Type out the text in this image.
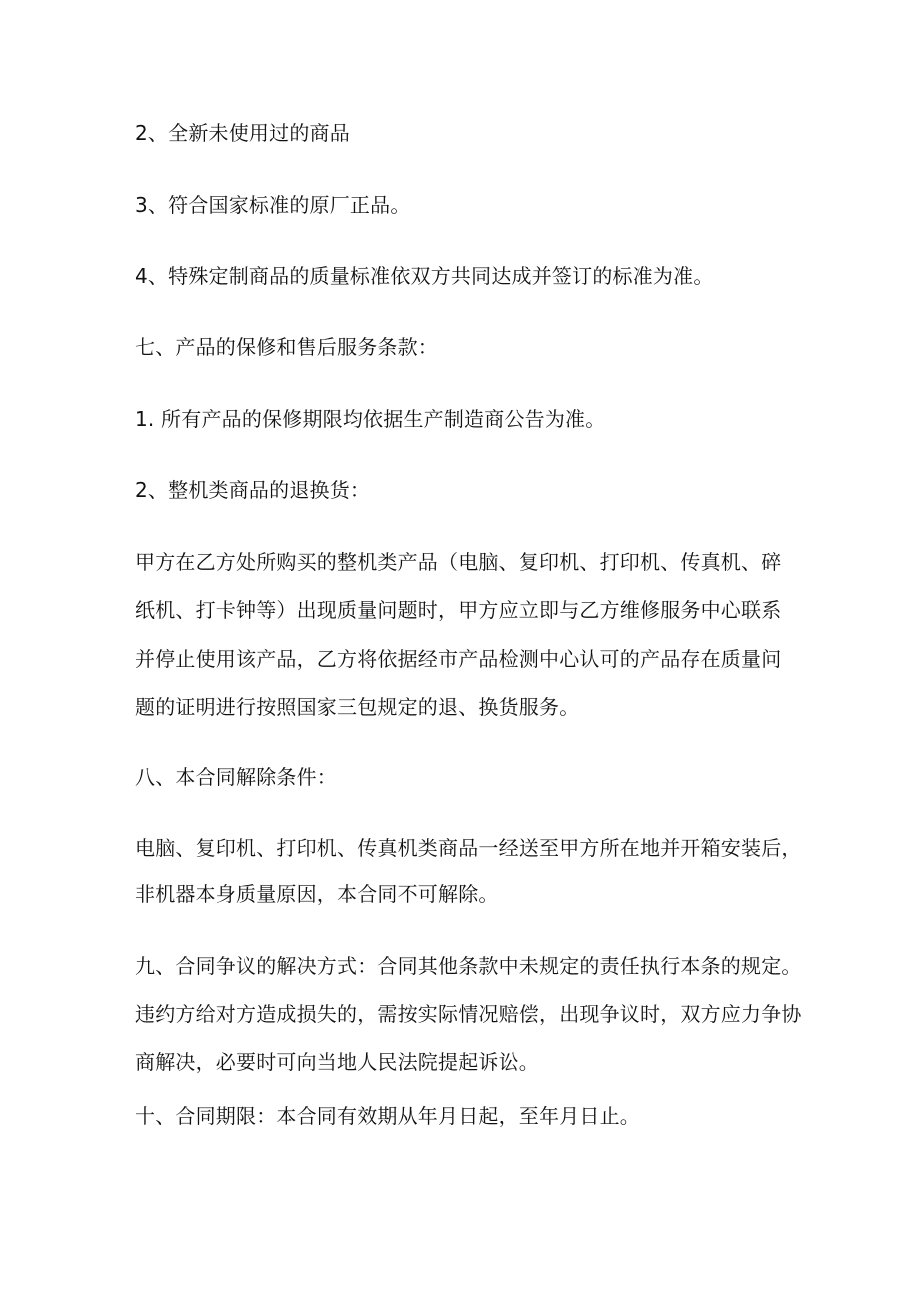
2、全新未使用过的商品
3、符合国家标准的原厂正品。
4、特殊定制商品的质量标准依双方共同达成并签订的标准为准。
七、产品的保修和售后服务条款：
1. 所有产品的保修期限均依据生产制造商公告为准。
2、整机类商品的退换货：
甲方在乙方处所购买的整机类产品（电脑、复印机、打印机、传真机、碎
纸机、打卡钟等）出现质量问题时，甲方应立即与乙方维修服务中心联系
并停止使用该产品，乙方将依据经市产品检测中心认可的产品存在质量问
题的证明进行按照国家三包规定的退、换货服务。
八、本合同解除条件：
电脑、复印机、打印机、传真机类商品一经送至甲方所在地并开箱安装后，
非机器本身质量原因，本合同不可解除。
九、合同争议的解决方式：合同其他条款中未规定的责任执行本条的规定。
违约方给对方造成损失的，需按实际情况赔偿，出现争议时，双方应力争协
商解决，必要时可向当地人民法院提起诉讼。
十、合同期限：本合同有效期从年月日起，至年月日止。
